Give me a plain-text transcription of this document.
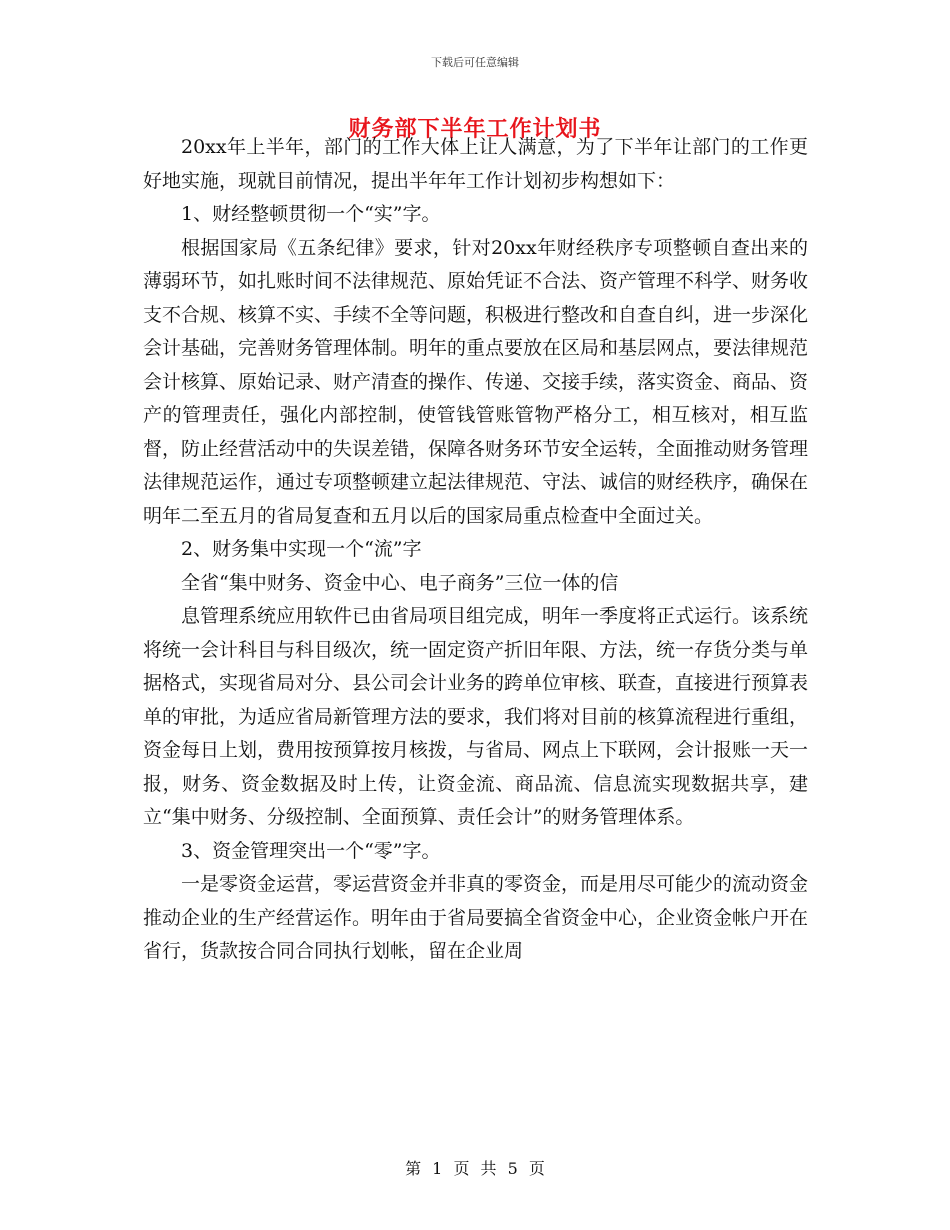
下载后可任意编辑
财务部下半年工作计划书

20xx年上半年，部门的工作大体上让人满意，为了下半年让部门的工作更好地实施，现就目前情况，提出半年年工作计划初步构想如下：

1、财经整顿贯彻一个“实”字。

根据国家局《五条纪律》要求，针对20xx年财经秩序专项整顿自查出来的薄弱环节，如扎账时间不法律规范、原始凭证不合法、资产管理不科学、财务收支不合规、核算不实、手续不全等问题，积极进行整改和自查自纠，进一步深化会计基础，完善财务管理体制。明年的重点要放在区局和基层网点，要法律规范会计核算、原始记录、财产清查的操作、传递、交接手续，落实资金、商品、资产的管理责任，强化内部控制，使管钱管账管物严格分工，相互核对，相互监督，防止经营活动中的失误差错，保障各财务环节安全运转，全面推动财务管理法律规范运作，通过专项整顿建立起法律规范、守法、诚信的财经秩序，确保在明年二至五月的省局复查和五月以后的国家局重点检查中全面过关。

2、财务集中实现一个“流”字

全省“集中财务、资金中心、电子商务”三位一体的信

息管理系统应用软件已由省局项目组完成，明年一季度将正式运行。该系统将统一会计科目与科目级次，统一固定资产折旧年限、方法，统一存货分类与单据格式，实现省局对分、县公司会计业务的跨单位审核、联查，直接进行预算表单的审批，为适应省局新管理方法的要求，我们将对目前的核算流程进行重组，资金每日上划，费用按预算按月核拨，与省局、网点上下联网，会计报账一天一报，财务、资金数据及时上传，让资金流、商品流、信息流实现数据共享，建立“集中财务、分级控制、全面预算、责任会计”的财务管理体系。

3、资金管理突出一个“零”字。

一是零资金运营，零运营资金并非真的零资金，而是用尽可能少的流动资金推动企业的生产经营运作。明年由于省局要搞全省资金中心，企业资金帐户开在省行，货款按合同合同执行划帐，留在企业周

第 1 页 共 5 页
